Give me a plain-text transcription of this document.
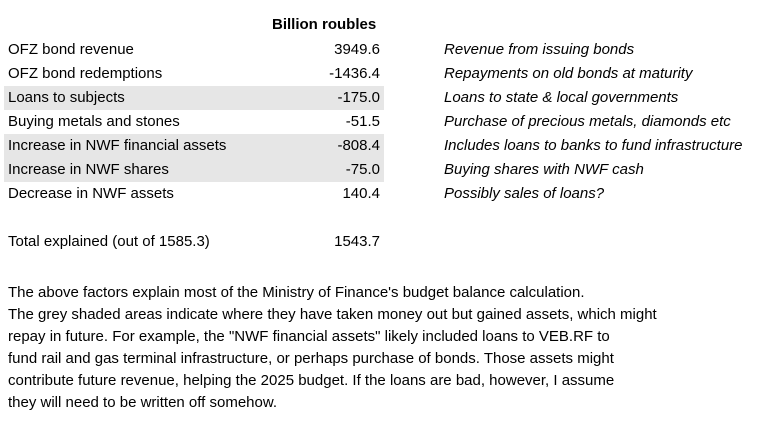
Billion roubles
OFZ bond revenue	3949.6	Revenue from issuing bonds
OFZ bond redemptions	-1436.4	Repayments on old bonds at maturity
Loans to subjects	-175.0	Loans to state & local governments
Buying metals and stones	-51.5	Purchase of precious metals, diamonds etc
Increase in NWF financial assets	-808.4	Includes loans to banks to fund infrastructure
Increase in NWF shares	-75.0	Buying shares with NWF cash
Decrease in NWF assets	140.4	Possibly sales of loans?
Total explained (out of 1585.3)	1543.7
The above factors explain most of the Ministry of Finance's budget balance calculation.
The grey shaded areas indicate where they have taken money out but gained assets, which might
repay in future. For example, the "NWF financial assets" likely included loans to VEB.RF to
fund rail and gas terminal infrastructure, or perhaps purchase of bonds. Those assets might
contribute future revenue, helping the 2025 budget. If the loans are bad, however, I assume
they will need to be written off somehow.
